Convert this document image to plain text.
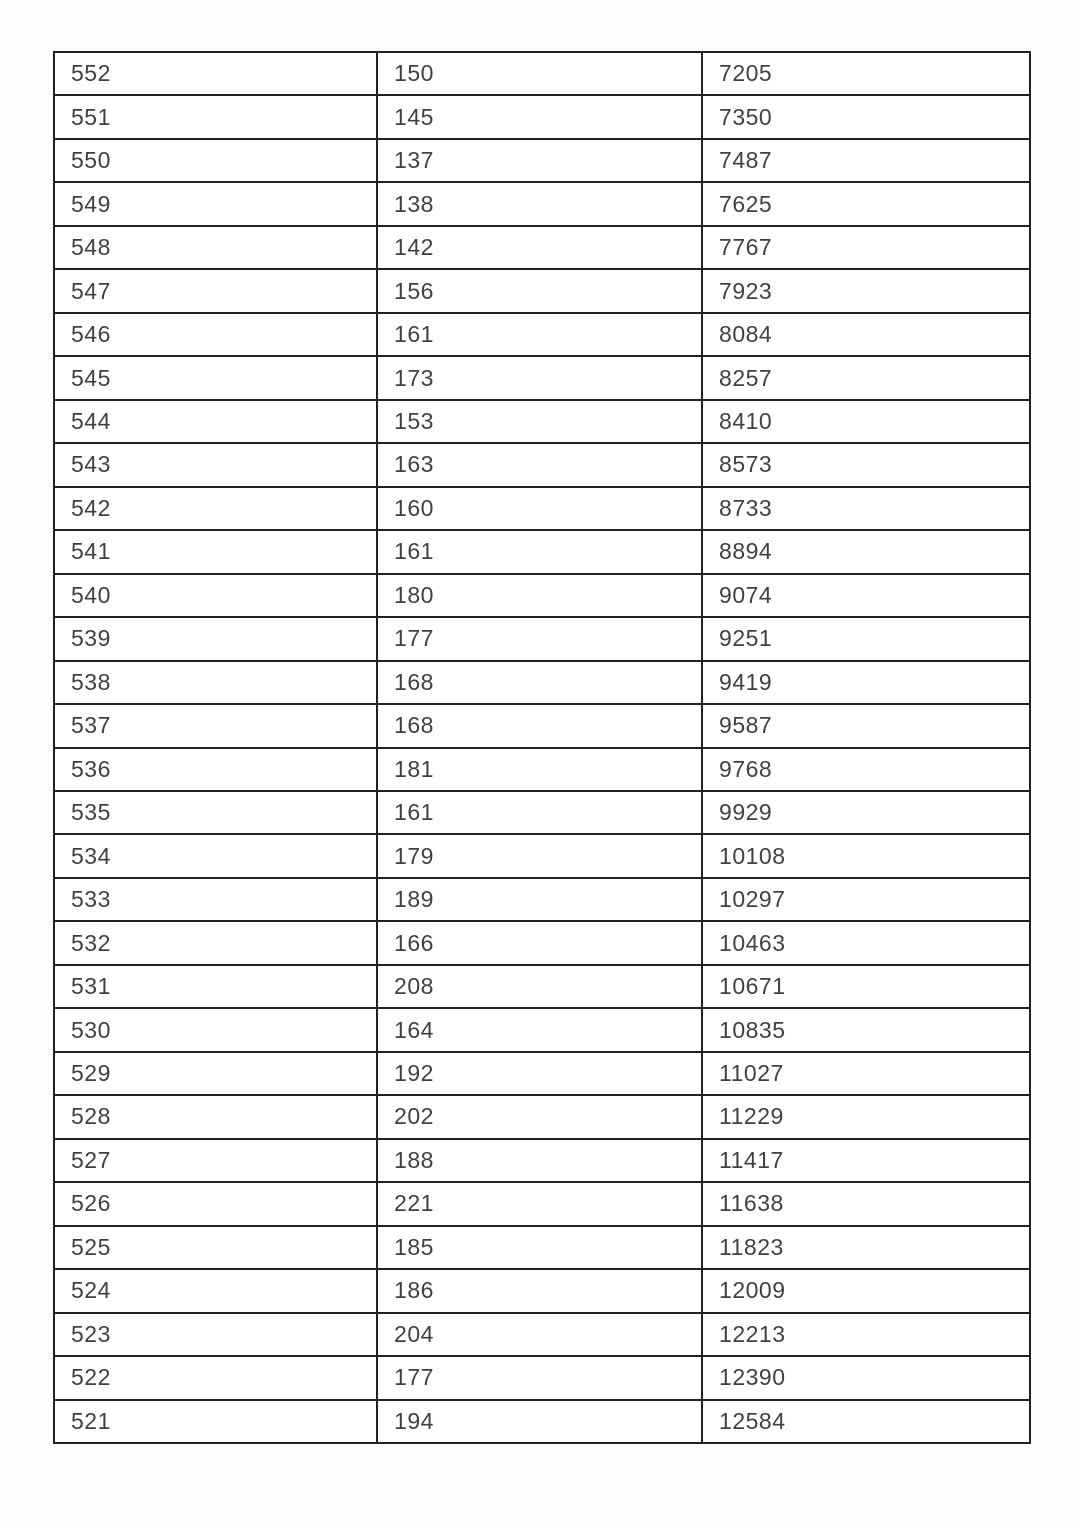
552	150	7205
551	145	7350
550	137	7487
549	138	7625
548	142	7767
547	156	7923
546	161	8084
545	173	8257
544	153	8410
543	163	8573
542	160	8733
541	161	8894
540	180	9074
539	177	9251
538	168	9419
537	168	9587
536	181	9768
535	161	9929
534	179	10108
533	189	10297
532	166	10463
531	208	10671
530	164	10835
529	192	11027
528	202	11229
527	188	11417
526	221	11638
525	185	11823
524	186	12009
523	204	12213
522	177	12390
521	194	12584
